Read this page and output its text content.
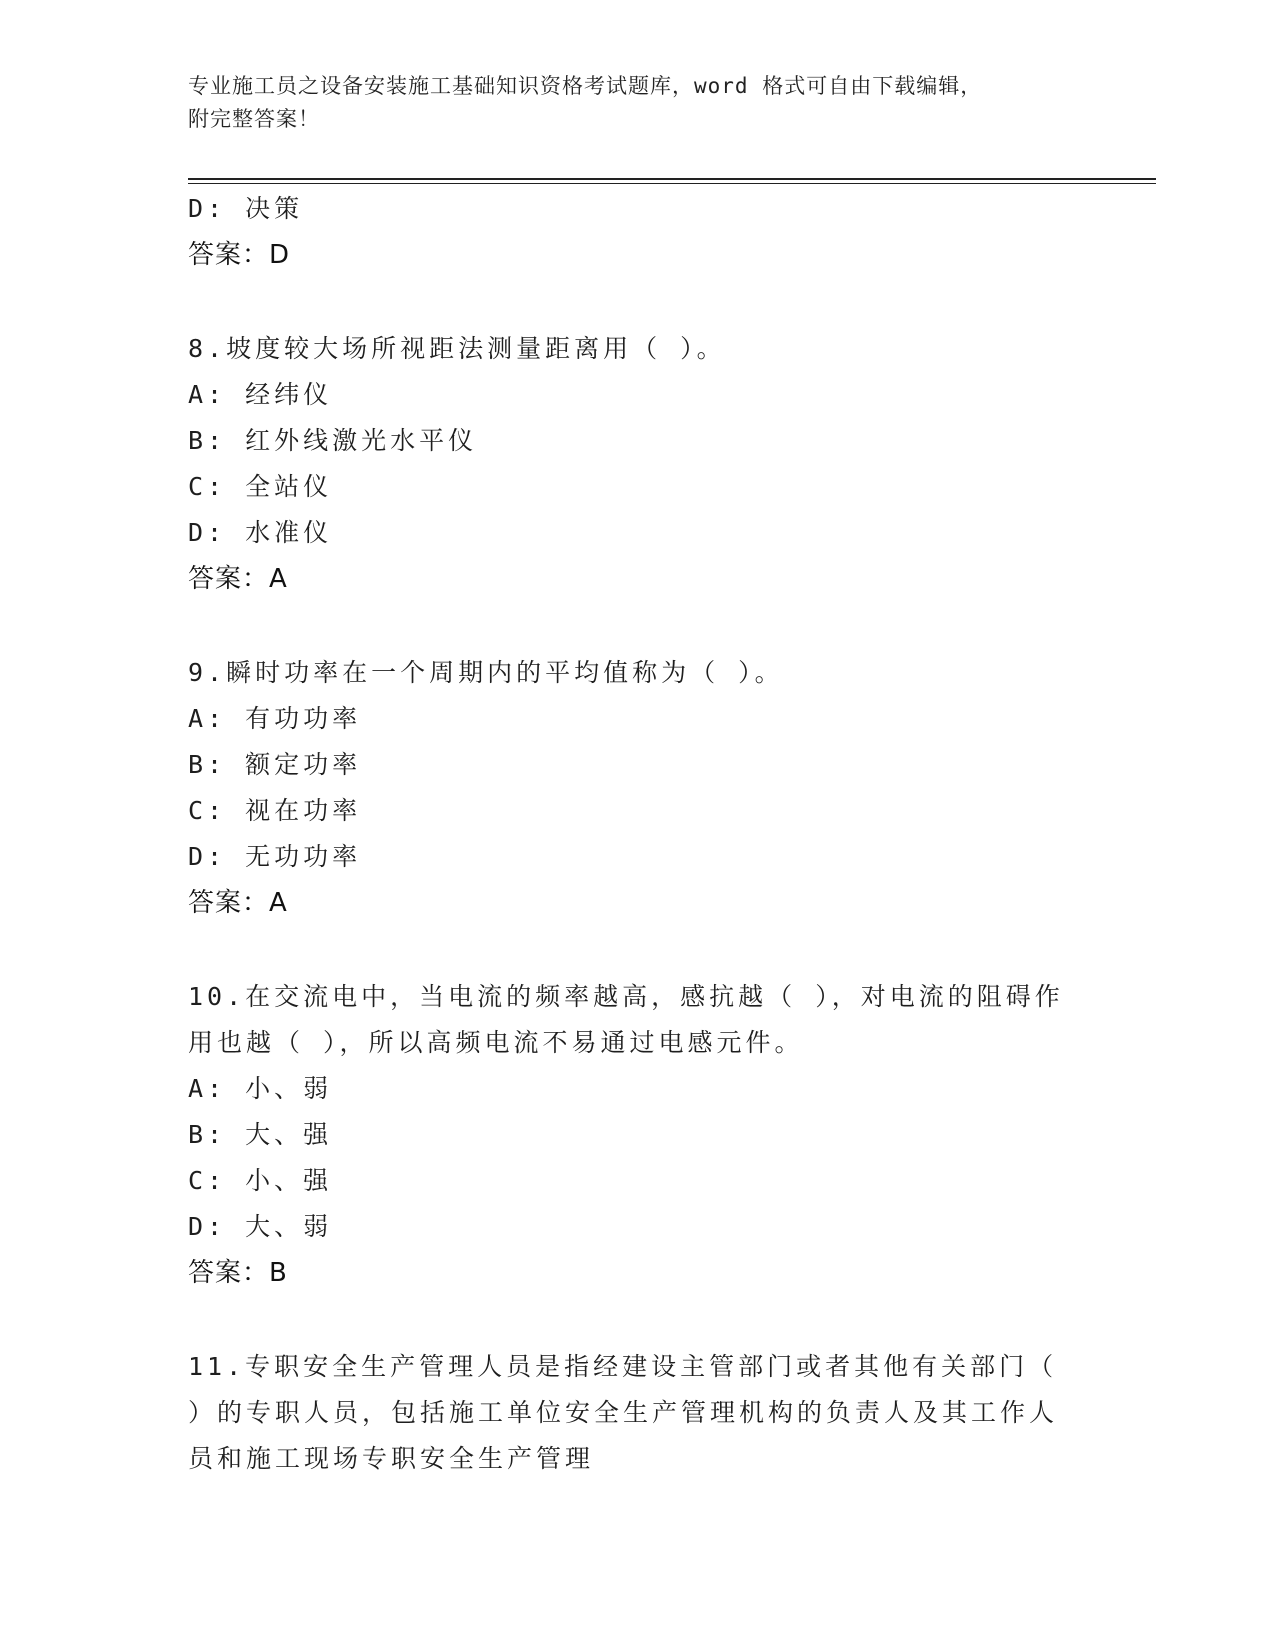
专业施工员之设备安装施工基础知识资格考试题库，word 格式可自由下载编辑，
附完整答案！
D: 决策
答案：D
8.坡度较大场所视距法测量距离用（ ）。
A: 经纬仪
B: 红外线激光水平仪
C: 全站仪
D: 水准仪
答案：A
9.瞬时功率在一个周期内的平均值称为（ ）。
A: 有功功率
B: 额定功率
C: 视在功率
D: 无功功率
答案：A
10.在交流电中，当电流的频率越高，感抗越（ ），对电流的阻碍作
用也越（ ），所以高频电流不易通过电感元件。
A: 小、弱
B: 大、强
C: 小、强
D: 大、弱
答案：B
11.专职安全生产管理人员是指经建设主管部门或者其他有关部门（
）的专职人员，包括施工单位安全生产管理机构的负责人及其工作人
员和施工现场专职安全生产管理
